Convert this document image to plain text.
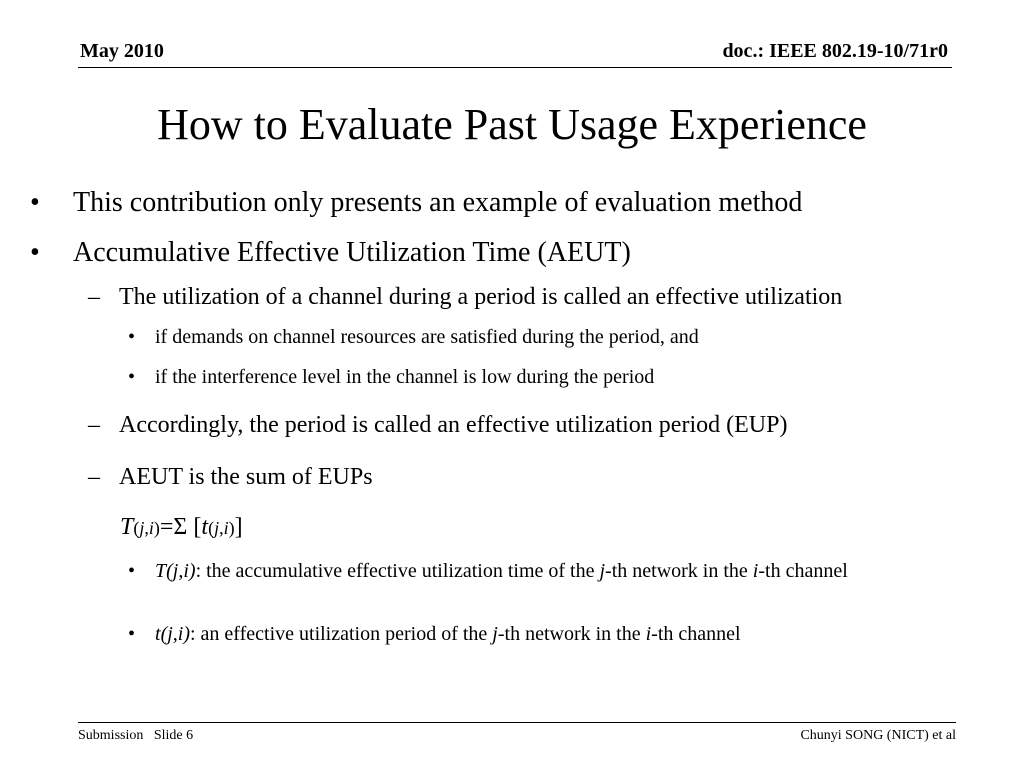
May 2010	doc.: IEEE 802.19-10/71r0
How to Evaluate Past Usage Experience
• This contribution only presents an example of evaluation method
• Accumulative Effective Utilization Time (AEUT)
– The utilization of a channel during a period is called an effective utilization
• if demands on channel resources are satisfied during the period, and
• if the interference level in the channel is low during the period
– Accordingly, the period is called an effective utilization period (EUP)
– AEUT is the sum of EUPs
T(j,i)=Σ [t(j,i)]
• T(j,i): the accumulative effective utilization time of the j-th network in the i-th channel
• t(j,i): an effective utilization period of the j-th network in the i-th channel
Submission Slide 6	Chunyi SONG (NICT) et al
